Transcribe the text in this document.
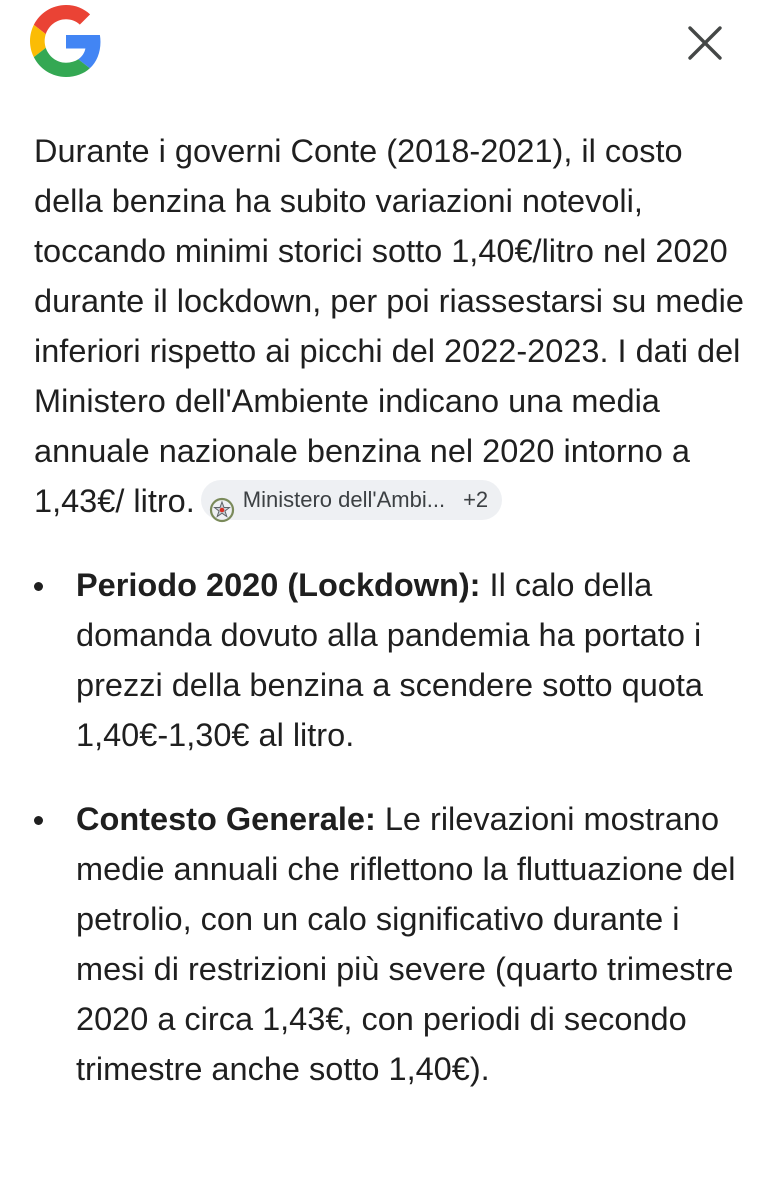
Durante i governi Conte (2018-2021), il costo della benzina ha subito variazioni notevoli, toccando minimi storici sotto 1,40€/litro nel 2020 durante il lockdown, per poi riassestarsi su medie inferiori rispetto ai picchi del 2022-2023. I dati del Ministero dell'Ambiente indicano una media annuale nazionale benzina nel 2020 intorno a 1,43€/ litro. Ministero dell'Ambi... +2

Periodo 2020 (Lockdown): Il calo della domanda dovuto alla pandemia ha portato i prezzi della benzina a scendere sotto quota 1,40€-1,30€ al litro.
Contesto Generale: Le rilevazioni mostrano medie annuali che riflettono la fluttuazione del petrolio, con un calo significativo durante i mesi di restrizioni più severe (quarto trimestre 2020 a circa 1,43€, con periodi di secondo trimestre anche sotto 1,40€).
